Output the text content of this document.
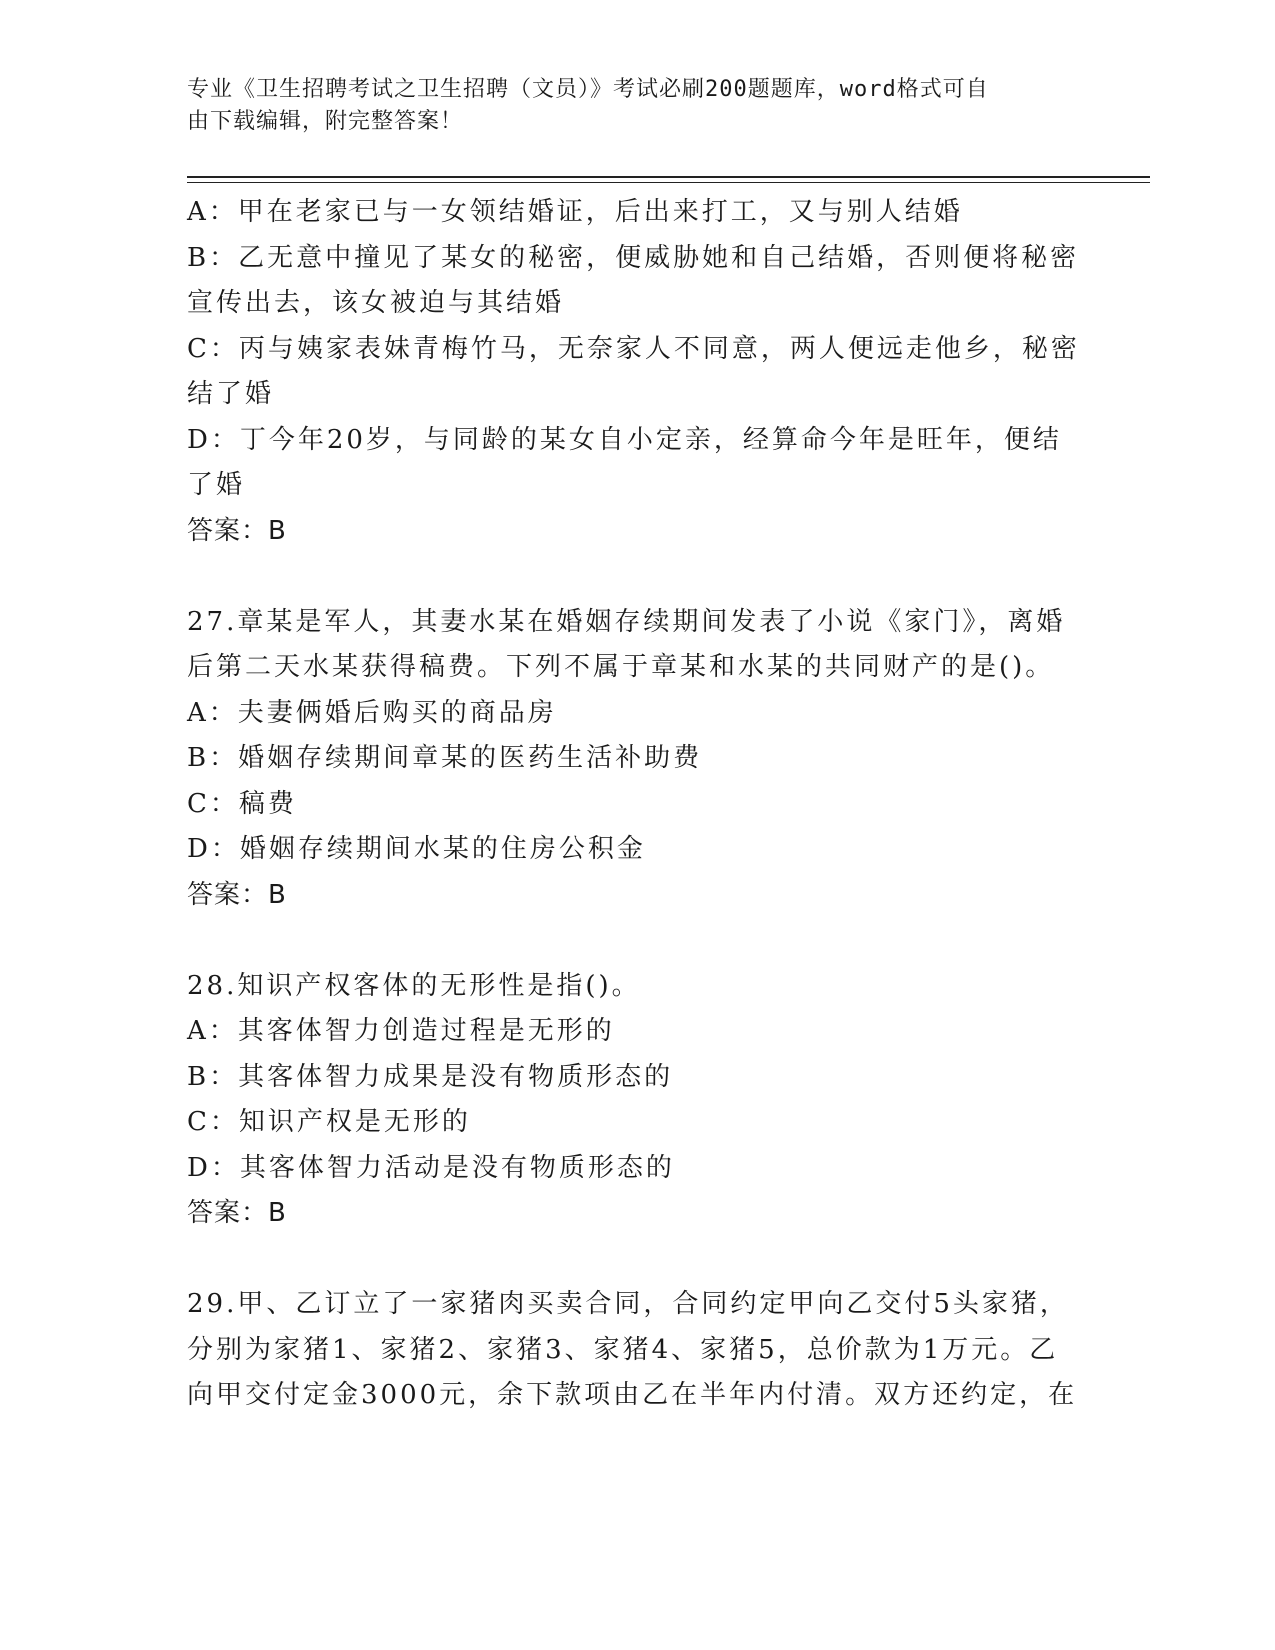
专业《卫生招聘考试之卫生招聘（文员）》考试必刷200题题库，word格式可自
由下载编辑，附完整答案！
A：甲在老家已与一女领结婚证，后出来打工，又与别人结婚
B：乙无意中撞见了某女的秘密，便威胁她和自己结婚，否则便将秘密
宣传出去，该女被迫与其结婚
C：丙与姨家表妹青梅竹马，无奈家人不同意，两人便远走他乡，秘密
结了婚
D：丁今年20岁，与同龄的某女自小定亲，经算命今年是旺年，便结
了婚
答案：B
27.章某是军人，其妻水某在婚姻存续期间发表了小说《家门》，离婚
后第二天水某获得稿费。下列不属于章某和水某的共同财产的是()。
A：夫妻俩婚后购买的商品房
B：婚姻存续期间章某的医药生活补助费
C：稿费
D：婚姻存续期间水某的住房公积金
答案：B
28.知识产权客体的无形性是指()。
A：其客体智力创造过程是无形的
B：其客体智力成果是没有物质形态的
C：知识产权是无形的
D：其客体智力活动是没有物质形态的
答案：B
29.甲、乙订立了一家猪肉买卖合同，合同约定甲向乙交付5头家猪，
分别为家猪1、家猪2、家猪3、家猪4、家猪5，总价款为1万元。乙
向甲交付定金3000元，余下款项由乙在半年内付清。双方还约定，在
